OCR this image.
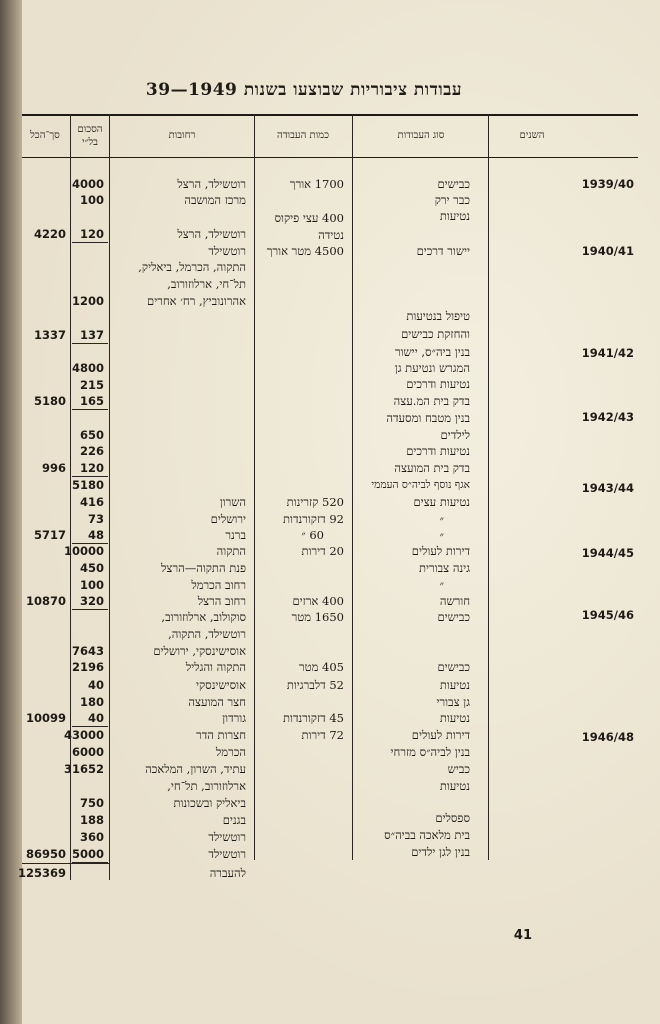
עבודות ציבוריות שבוצעו בשנות 1949—39
השנים
סוג העבודות
כמות העבודה
רחובות
הסכום
בל״י
סך־הכל
1939/40
1940/41
1941/42
1942/43
1943/44
1944/45
1945/46
1946/48
כבישים
כבר ירק
נטיעות
יישור דרכים
טיפול בנטיעות
והחזקת כבישים
בנין ביה״ס, יישור
המגרש ונטיעת גן
נטיעות ודרכים
בדק בית המ.עצה
בנין מטבח ומסעדה
לילדים
נטיעות ודרכים
בדק בית המועצה
אגף נוסף לביה״ס העממי
נטיעות עצים
״
״
דירות לעולים
גינה צבורית
״
חורשה
כבישים
כבישים
נטיעות
גן צבורי
נטיעות
דירות לעולים
בנין לביה״ס מזרחי
כביש
נטיעות
ספסלים
בית מלאכה בביה״ס
בנין לגן ילדים
1700 אורך
400 עצי פיקוס
נטידה
4500 מטר אורך
520 קזרינות
92 דזקורנדות
60 ״
20 דירות
400 ארזים
1650 מטר
405 מטר
52 דלברגיות
45 דזקורנדות
72 דירות
רוטשילד, הרצל
מרכז המושבה
רוטשילד, הרצל
רוטשילד
התקוה, הכרמל, ביאליק,
תל־חי, ארלוזורוב,
אהרונוביץ, רח׳ אחרים
השרון
ירושלים
ברנר
התקוה
פנת התקוה—הרצל
רחוב הכרמל
רחוב הרצל
סוקולוב, ארלוזורוב,
רוטשילד, התקוה,
אוסישינסקי, ירושלים
התקוה והגליל
אוסישינסקי
חצר המועצה
גורדון
חצרות הדר
הכרמל
עתיד, השרון, המלאכה
ארלוזורוב, תל־חי,
ביאליק ובשכונות
בגנים
רוטשילד
רוטשילד
להעברה
4000
100
120
1200
137
4800
215
165
650
226
120
5180
416
73
48
10000
450
100
320
7643
2196
40
180
40
43000
6000
31652
750
188
360
5000
4220
1337
5180
996
5717
10870
10099
86950
125369
41
